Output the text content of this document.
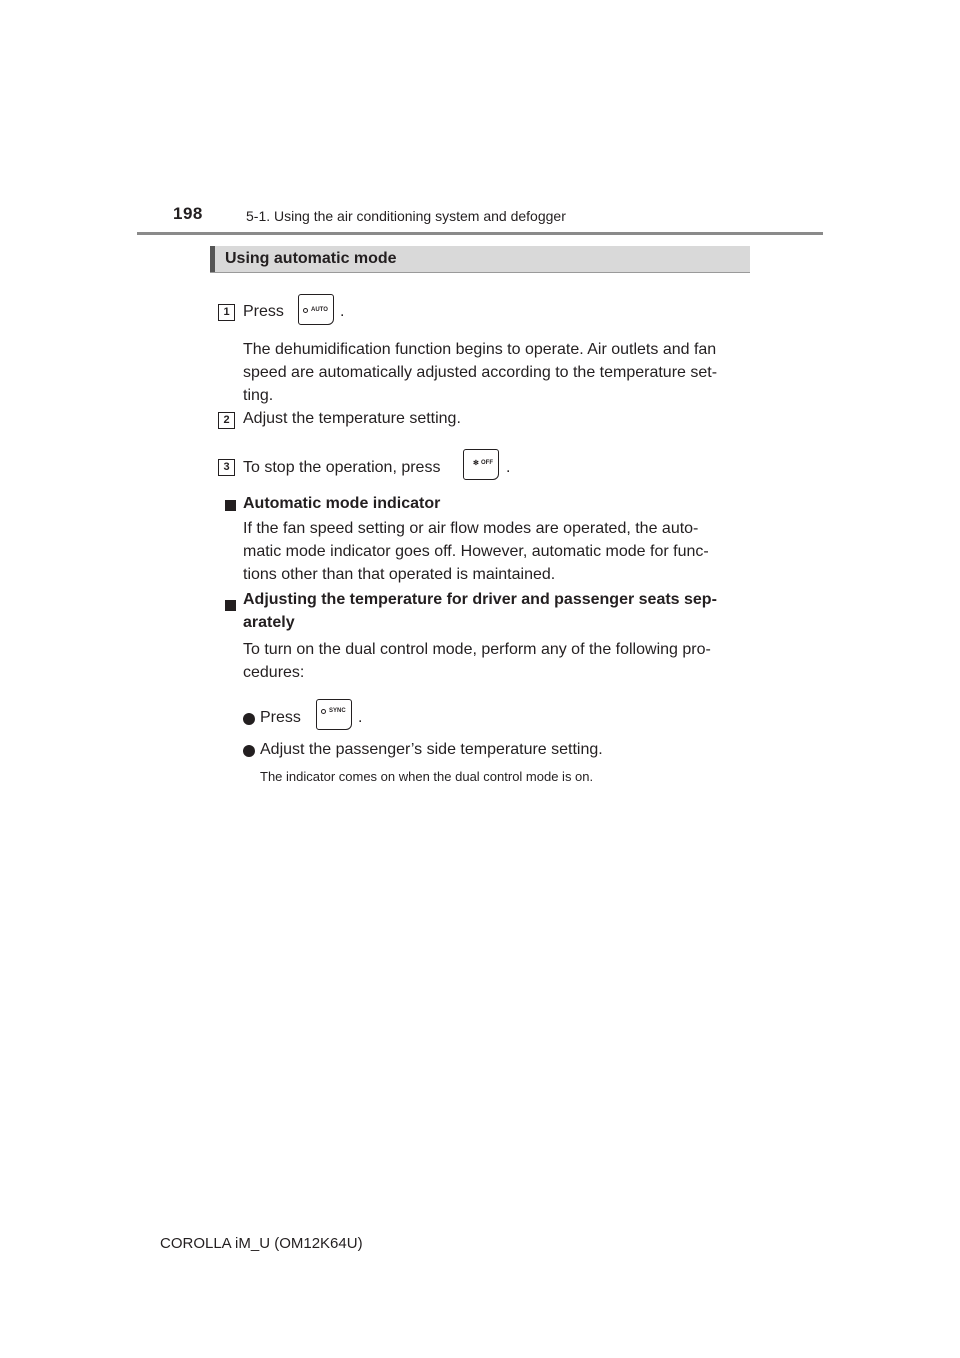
198	5-1. Using the air conditioning system and defogger
Using automatic mode
1 Press	AUTO .
The dehumidification function begins to operate. Air outlets and fan
speed are automatically adjusted according to the temperature set-
ting.
2 Adjust the temperature setting.
3 To stop the operation, press	✻ OFF .
Automatic mode indicator
If the fan speed setting or air flow modes are operated, the auto-
matic mode indicator goes off. However, automatic mode for func-
tions other than that operated is maintained.
Adjusting the temperature for driver and passenger seats sep-
arately
To turn on the dual control mode, perform any of the following pro-
cedures:
Press	SYNC .
Adjust the passenger’s side temperature setting.
The indicator comes on when the dual control mode is on.
COROLLA iM_U (OM12K64U)
